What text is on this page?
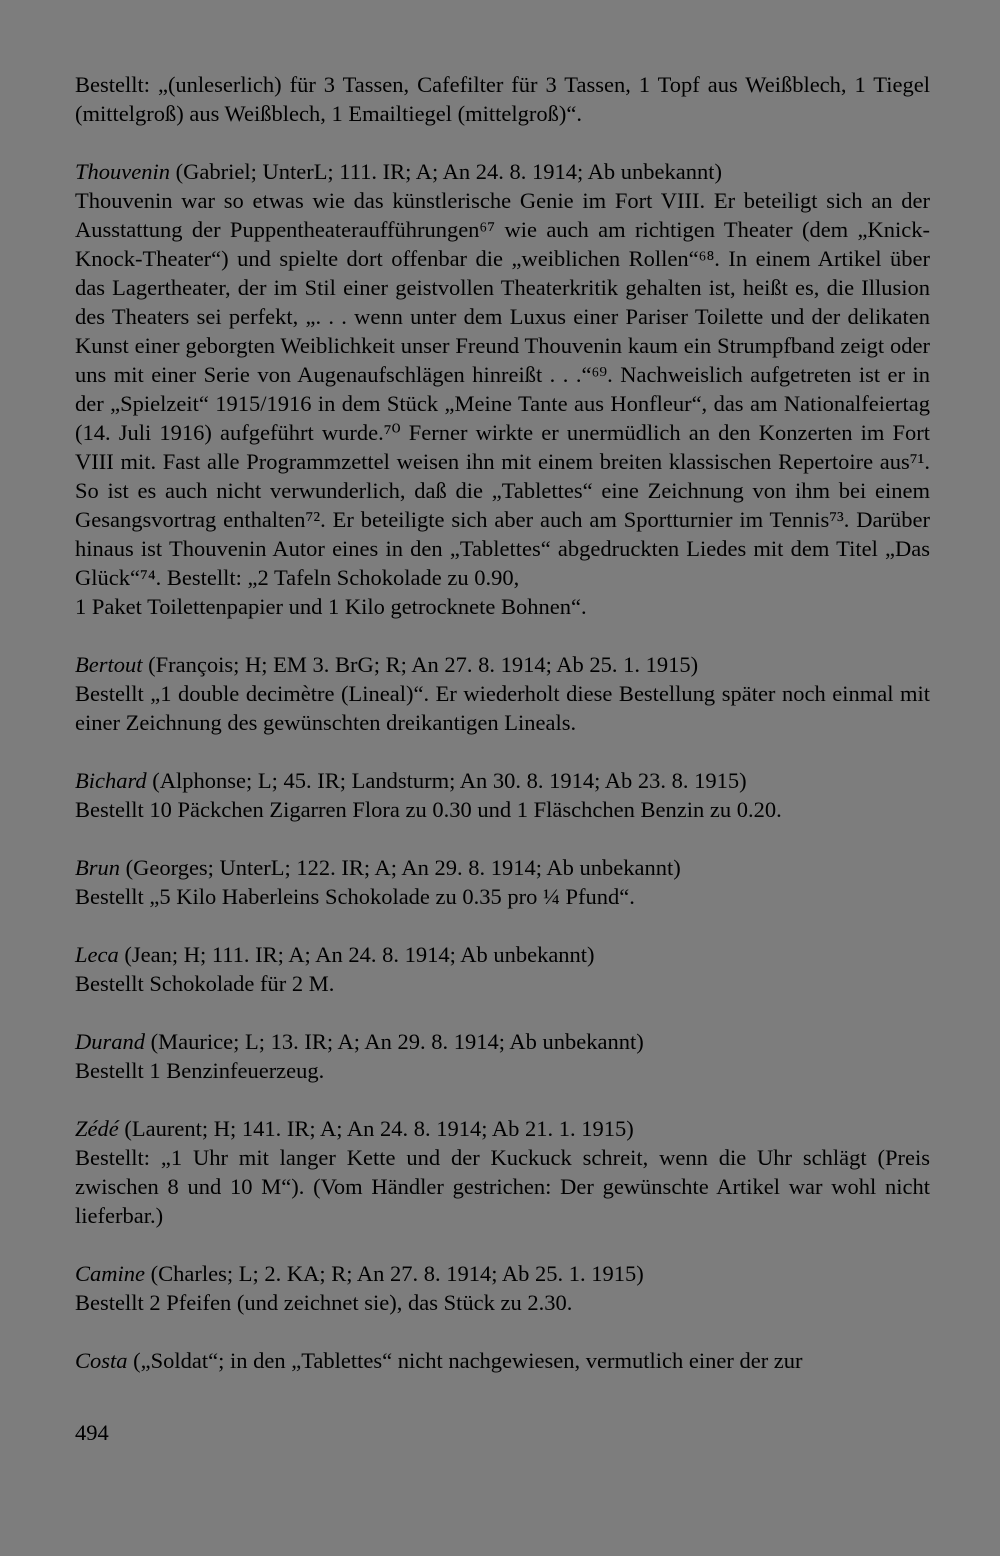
Bestellt: „(unleserlich) für 3 Tassen, Cafefilter für 3 Tassen, 1 Topf aus Weißblech, 1 Tiegel (mittelgroß) aus Weißblech, 1 Emailtiegel (mittelgroß)“.

Thouvenin (Gabriel; UnterL; 111. IR; A; An 24. 8. 1914; Ab unbekannt)

Thouvenin war so etwas wie das künstlerische Genie im Fort VIII. Er beteiligt sich an der Ausstattung der Puppentheateraufführungen⁶⁷ wie auch am richtigen Theater (dem „Knick-Knock-Theater“) und spielte dort offenbar die „weiblichen Rollen“⁶⁸. In einem Artikel über das Lagertheater, der im Stil einer geistvollen Theaterkritik gehalten ist, heißt es, die Illusion des Theaters sei perfekt, „. . . wenn unter dem Luxus einer Pariser Toilette und der delikaten Kunst einer geborgten Weiblichkeit unser Freund Thouvenin kaum ein Strumpfband zeigt oder uns mit einer Serie von Augenaufschlägen hinreißt . . .“⁶⁹. Nachweislich aufgetreten ist er in der „Spielzeit“ 1915/1916 in dem Stück „Meine Tante aus Honfleur“, das am Nationalfeiertag (14. Juli 1916) aufgeführt wurde.⁷⁰ Ferner wirkte er unermüdlich an den Konzerten im Fort VIII mit. Fast alle Programmzettel weisen ihn mit einem breiten klassischen Repertoire aus⁷¹. So ist es auch nicht verwunderlich, daß die „Tablettes“ eine Zeichnung von ihm bei einem Gesangsvortrag enthalten⁷². Er beteiligte sich aber auch am Sportturnier im Tennis⁷³. Darüber hinaus ist Thouvenin Autor eines in den „Tablettes“ abgedruckten Liedes mit dem Titel „Das Glück“⁷⁴. Bestellt: „2 Tafeln Schokolade zu 0.90,

1 Paket Toilettenpapier und 1 Kilo getrocknete Bohnen“.

Bertout (François; H; EM 3. BrG; R; An 27. 8. 1914; Ab 25. 1. 1915)

Bestellt „1 double decimètre (Lineal)“. Er wiederholt diese Bestellung später noch einmal mit einer Zeichnung des gewünschten dreikantigen Lineals.

Bichard (Alphonse; L; 45. IR; Landsturm; An 30. 8. 1914; Ab 23. 8. 1915)

Bestellt 10 Päckchen Zigarren Flora zu 0.30 und 1 Fläschchen Benzin zu 0.20.

Brun (Georges; UnterL; 122. IR; A; An 29. 8. 1914; Ab unbekannt)

Bestellt „5 Kilo Haberleins Schokolade zu 0.35 pro ¼ Pfund“.

Leca (Jean; H; 111. IR; A; An 24. 8. 1914; Ab unbekannt)

Bestellt Schokolade für 2 M.

Durand (Maurice; L; 13. IR; A; An 29. 8. 1914; Ab unbekannt)

Bestellt 1 Benzinfeuerzeug.

Zédé (Laurent; H; 141. IR; A; An 24. 8. 1914; Ab 21. 1. 1915)

Bestellt: „1 Uhr mit langer Kette und der Kuckuck schreit, wenn die Uhr schlägt (Preis zwischen 8 und 10 M“). (Vom Händler gestrichen: Der gewünschte Artikel war wohl nicht lieferbar.)

Camine (Charles; L; 2. KA; R; An 27. 8. 1914; Ab 25. 1. 1915)

Bestellt 2 Pfeifen (und zeichnet sie), das Stück zu 2.30.

Costa („Soldat“; in den „Tablettes“ nicht nachgewiesen, vermutlich einer der zur

494
